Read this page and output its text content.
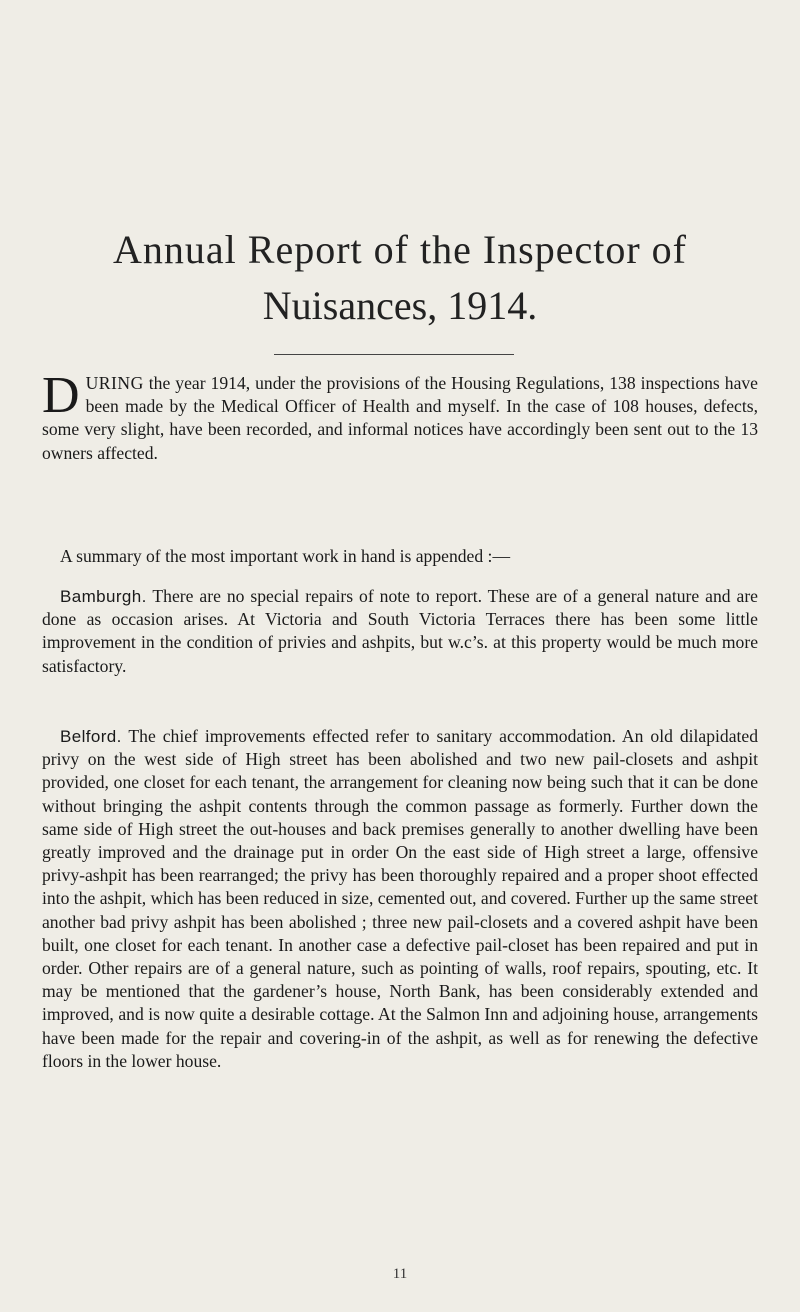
Annual Report of the Inspector of
Nuisances, 1914.

DURING the year 1914, under the provisions of the Housing Regulations, 138 inspections have been made by the Medical Officer of Health and myself. In the case of 108 houses, defects, some very slight, have been recorded, and informal notices have accordingly been sent out to the 13 owners affected.

A summary of the most important work in hand is appended :—

Bamburgh. There are no special repairs of note to report. These are of a general nature and are done as occasion arises. At Victoria and South Victoria Terraces there has been some little improvement in the condition of privies and ashpits, but w.c’s. at this property would be much more satisfactory.

Belford. The chief improvements effected refer to sanitary accommodation. An old dilapidated privy on the west side of High street has been abolished and two new pail-closets and ashpit provided, one closet for each tenant, the arrangement for cleaning now being such that it can be done without bringing the ashpit contents through the common passage as formerly. Further down the same side of High street the out-houses and back premises generally to another dwelling have been greatly improved and the drainage put in order On the east side of High street a large, offensive privy-ashpit has been rearranged; the privy has been thoroughly repaired and a proper shoot effected into the ashpit, which has been reduced in size, cemented out, and covered. Further up the same street another bad privy ashpit has been abolished ; three new pail-closets and a covered ashpit have been built, one closet for each tenant. In another case a defective pail-closet has been repaired and put in order. Other repairs are of a general nature, such as pointing of walls, roof repairs, spouting, etc. It may be mentioned that the gardener’s house, North Bank, has been considerably extended and improved, and is now quite a desirable cottage. At the Salmon Inn and adjoining house, arrangements have been made for the repair and covering-in of the ashpit, as well as for renewing the defective floors in the lower house.

11
